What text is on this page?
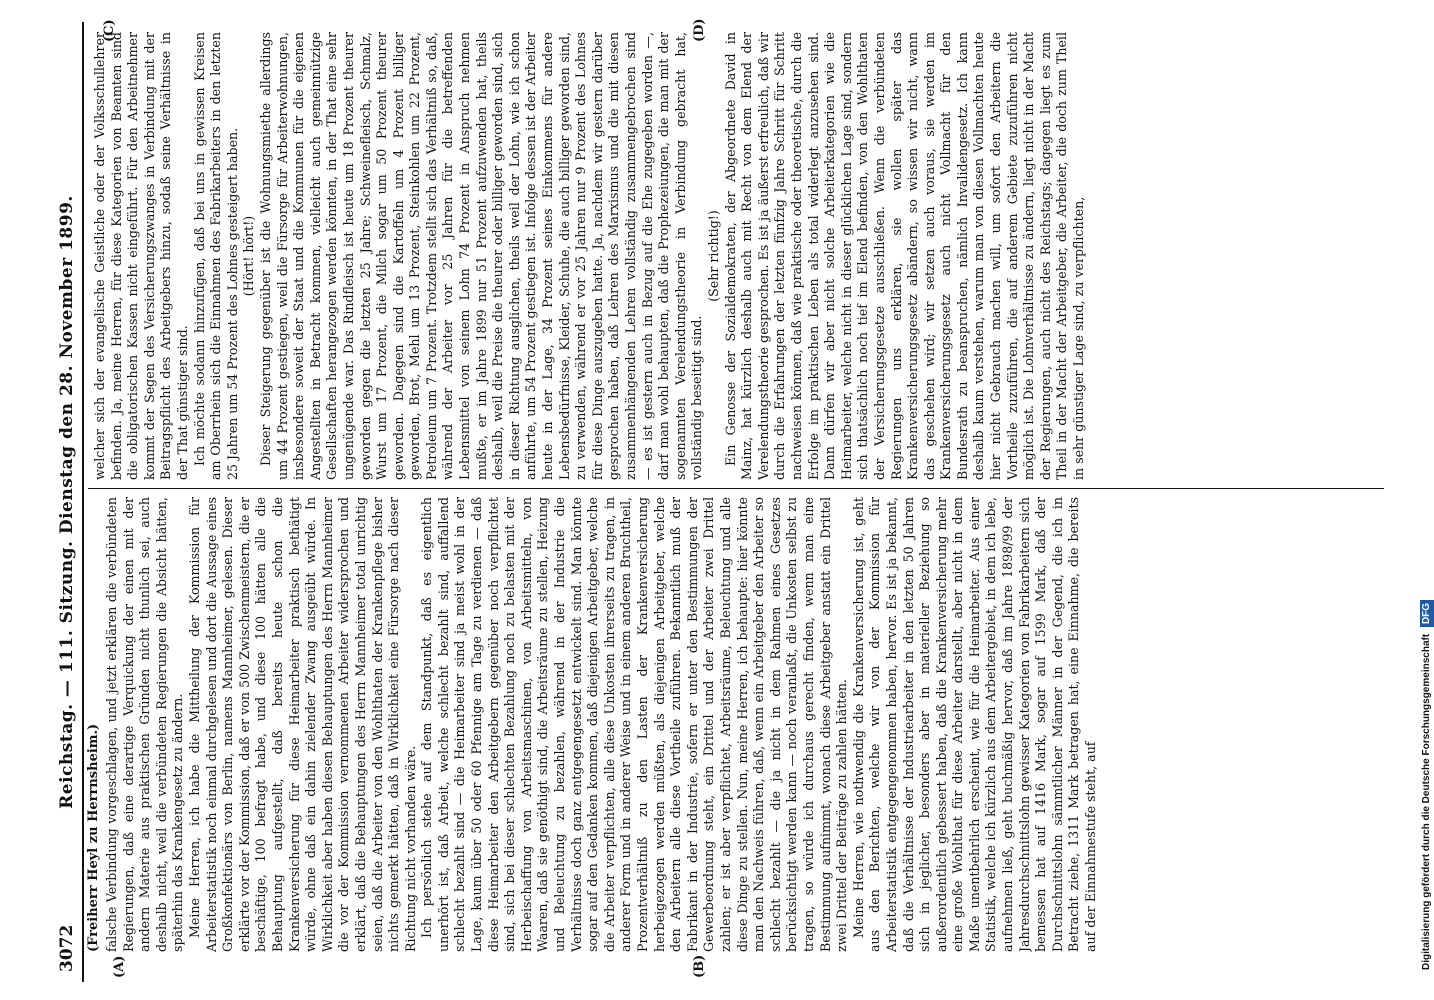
3072
Reichstag. — 111. Sitzung. Dienstag den 28. November 1899.
(Freiherr Heyl zu Herrnsheim.)
(A)	(B)
(C)	(D)

falsche Verbindung vorgeschlagen, und jetzt erklären die verbündeten Regierungen, daß eine derartige Verquickung der einen mit der andern Materie aus praktischen Gründen nicht thunlich sei, auch deshalb nicht, weil die verbündeten Regierungen die Absicht hätten, späterhin das Krankengesetz zu ändern. Meine Herren, ich habe die Mittheilung der Kommission für Arbeiterstatistik noch einmal durchgelesen und dort die Aussage eines Großkonfektionärs von Berlin, namens Mannheimer, gelesen. Dieser erklärte vor der Kommission, daß er von 500 Zwischenmeistern, die er beschäftige, 100 befragt habe, und diese 100 hätten alle die Behauptung aufgestellt, daß bereits heute schon die Krankenversicherung für diese Heimarbeiter praktisch bethätigt würde, ohne daß ein dahin zielender Zwang ausgeübt würde. In Wirklichkeit aber haben diesen Behauptungen des Herrn Mannheimer die vor der Kommission vernommenen Arbeiter widersprochen und erklärt, daß die Behauptungen des Herrn Mannheimer total unrichtig seien, daß die Arbeiter von den Wohlthaten der Krankenpflege bisher nichts gemerkt hätten, daß in Wirklichkeit eine Fürsorge nach dieser Richtung nicht vorhanden wäre. Ich persönlich stehe auf dem Standpunkt, daß es eigentlich unerhört ist, daß Arbeit, welche schlecht bezahlt sind, auffallend schlecht bezahlt sind — die Heimarbeiter sind ja meist wohl in der Lage, kaum über 50 oder 60 Pfennige am Tage zu verdienen — daß diese Heimarbeiter den Arbeitgebern gegenüber noch verpflichtet sind, sich bei dieser schlechten Bezahlung noch zu belasten mit der Herbeischaffung von Arbeitsmaschinen, von Arbeitsmitteln, von Waaren, daß sie genöthigt sind, die Arbeitsräume zu stellen, Heizung und Beleuchtung zu bezahlen, während in der Industrie die Verhältnisse doch ganz entgegengesetzt entwickelt sind. Man könnte sogar auf den Gedanken kommen, daß diejenigen Arbeitgeber, welche die Arbeiter verpflichten, alle diese Unkosten ihrerseits zu tragen, in anderer Form und in anderer Weise und in einem anderen Bruchtheil, Prozentverhältniß zu den Lasten der Krankenversicherung herbeigezogen werden müßten, als diejenigen Arbeitgeber, welche den Arbeitern alle diese Vortheile zuführen. Bekanntlich muß der Fabrikant in der Industrie, sofern er unter den Bestimmungen der Gewerbeordnung steht, ein Drittel und der Arbeiter zwei Drittel zahlen; er ist aber verpflichtet, Arbeitsräume, Beleuchtung und alle diese Dinge zu stellen. Nun, meine Herren, ich behaupte: hier könnte man den Nachweis führen, daß, wenn ein Arbeitgeber den Arbeiter so schlecht bezahlt — die ja nicht in dem Rahmen eines Gesetzes berücksichtigt werden kann — noch veranlaßt, die Unkosten selbst zu tragen, so würde ich durchaus gerecht finden, wenn man eine Bestimmung aufnimmt, wonach diese Arbeitgeber anstatt ein Drittel zwei Drittel der Beiträge zu zahlen hätten. Meine Herren, wie nothwendig die Krankenversicherung ist, geht aus den Berichten, welche wir von der Kommission für Arbeiterstatistik entgegengenommen haben, hervor. Es ist ja bekannt, daß die Verhältnisse der Industriearbeiter in den letzten 50 Jahren sich in jeglicher, besonders aber in materieller Beziehung so außerordentlich gebessert haben, daß die Krankenversicherung mehr eine große Wohlthat für diese Arbeiter darstellt, aber nicht in dem Maße unentbehrlich erscheint, wie für die Heimarbeiter. Aus einer Statistik, welche ich kürzlich aus dem Arbeitergebiet, in dem ich lebe, aufnehmen ließ, geht buchmäßig hervor, daß im Jahre 1898/99 der Jahresdurchschnittslohn gewisser Kategorien von Fabrikarbeitern sich bemessen hat auf 1416 Mark, sogar auf 1599 Mark, daß der Durchschnittslohn sämmtlicher Männer in der Gegend, die ich in Betracht ziehe, 1311 Mark betragen hat, eine Einnahme, die bereits auf der Einnahmestufe steht, auf

welcher sich der evangelische Geistliche oder der Volksschullehrer befinden. Ja, meine Herren, für diese Kategorien von Beamten sind die obligatorischen Kassen nicht eingeführt. Für den Arbeitnehmer kommt der Segen des Versicherungszwanges in Verbindung mit der Beitragspflicht des Arbeitgebers hinzu, sodaß seine Verhältnisse in der That günstiger sind. Ich möchte sodann hinzufügen, daß bei uns in gewissen Kreisen am Oberrhein sich die Einnahmen des Fabrikarbeiters in den letzten 25 Jahren um 54 Prozent des Lohnes gesteigert haben. (Hört! hört!) Dieser Steigerung gegenüber ist die Wohnungsmiethe allerdings um 44 Prozent gestiegen, weil die Fürsorge für Arbeiterwohnungen, insbesondere soweit der Staat und die Kommunen für die eigenen Angestellten in Betracht kommen, vielleicht auch gemeinnützige Gesellschaften herangezogen werden könnten, in der That eine sehr ungenügende war. Das Rindfleisch ist heute um 18 Prozent theurer geworden gegen die letzten 25 Jahre; Schweinefleisch, Schmalz, Wurst um 17 Prozent, die Milch sogar um 50 Prozent theurer geworden. Dagegen sind die Kartoffeln um 4 Prozent billiger geworden, Brot, Mehl um 13 Prozent, Steinkohlen um 22 Prozent, Petroleum um 7 Prozent. Trotzdem stellt sich das Verhältniß so, daß, während der Arbeiter vor 25 Jahren für die betreffenden Lebensmittel von seinem Lohn 74 Prozent in Anspruch nehmen mußte, er im Jahre 1899 nur 51 Prozent aufzuwenden hat, theils deshalb, weil die Preise die theurer oder billiger geworden sind, sich in dieser Richtung ausglichen, theils weil der Lohn, wie ich schon anführte, um 54 Prozent gestiegen ist. Infolge dessen ist der Arbeiter heute in der Lage, 34 Prozent seines Einkommens für andere Lebensbedürfnisse, Kleider, Schuhe, die auch billiger geworden sind, zu verwenden, während er vor 25 Jahren nur 9 Prozent des Lohnes für diese Dinge auszugeben hatte. Ja, nachdem wir gestern darüber gesprochen haben, daß Lehren des Marxismus und die mit diesen zusammenhängenden Lehren vollständig zusammengebrochen sind — es ist gestern auch in Bezug auf die Ehe zugegeben worden —, darf man wohl behaupten, daß die Prophezeiungen, die man mit der sogenannten Verelendungstheorie in Verbindung gebracht hat, vollständig beseitigt sind.

(Sehr richtig!) Ein Genosse der Sozialdemokraten, der Abgeordnete David in Mainz, hat kürzlich deshalb auch mit Recht von dem Elend der Verelendungstheorie gesprochen. Es ist ja äußerst erfreulich, daß wir durch die Erfahrungen der letzten fünfzig Jahre Schritt für Schritt nachweisen können, daß wie praktische oder theoretische, durch die Erfolge im praktischen Leben als total widerlegt anzusehen sind. Dann dürfen wir aber nicht solche Arbeiterkategorien wie die Heimarbeiter, welche nicht in dieser glücklichen Lage sind, sondern sich thatsächlich noch tief im Elend befinden, von den Wohlthaten der Versicherungsgesetze ausschließen. Wenn die verbündeten Regierungen uns erklären, sie wollen später das Krankenversicherungsgesetz abändern, so wissen wir nicht, wann das geschehen wird; wir setzen auch voraus, sie werden im Krankenversicherungsgesetz auch nicht Vollmacht für den Bundesrath zu beanspruchen, nämlich Invalidengesetz. Ich kann deshalb kaum verstehen, warum man von diesen Vollmachten heute hier nicht Gebrauch machen will, um sofort den Arbeitern die Vortheile zuzuführen, die auf anderem Gebiete zuzuführen nicht möglich ist. Die Lohnverhältnisse zu ändern, liegt nicht in der Macht der Regierungen, auch nicht des Reichstags; dagegen liegt es zum Theil in der Macht der Arbeitgeber, die Arbeiter, die doch zum Theil in sehr günstiger Lage sind, zu verpflichten,

Digitalisierung gefördert durch die Deutsche Forschungsgemeinschaft DFG
